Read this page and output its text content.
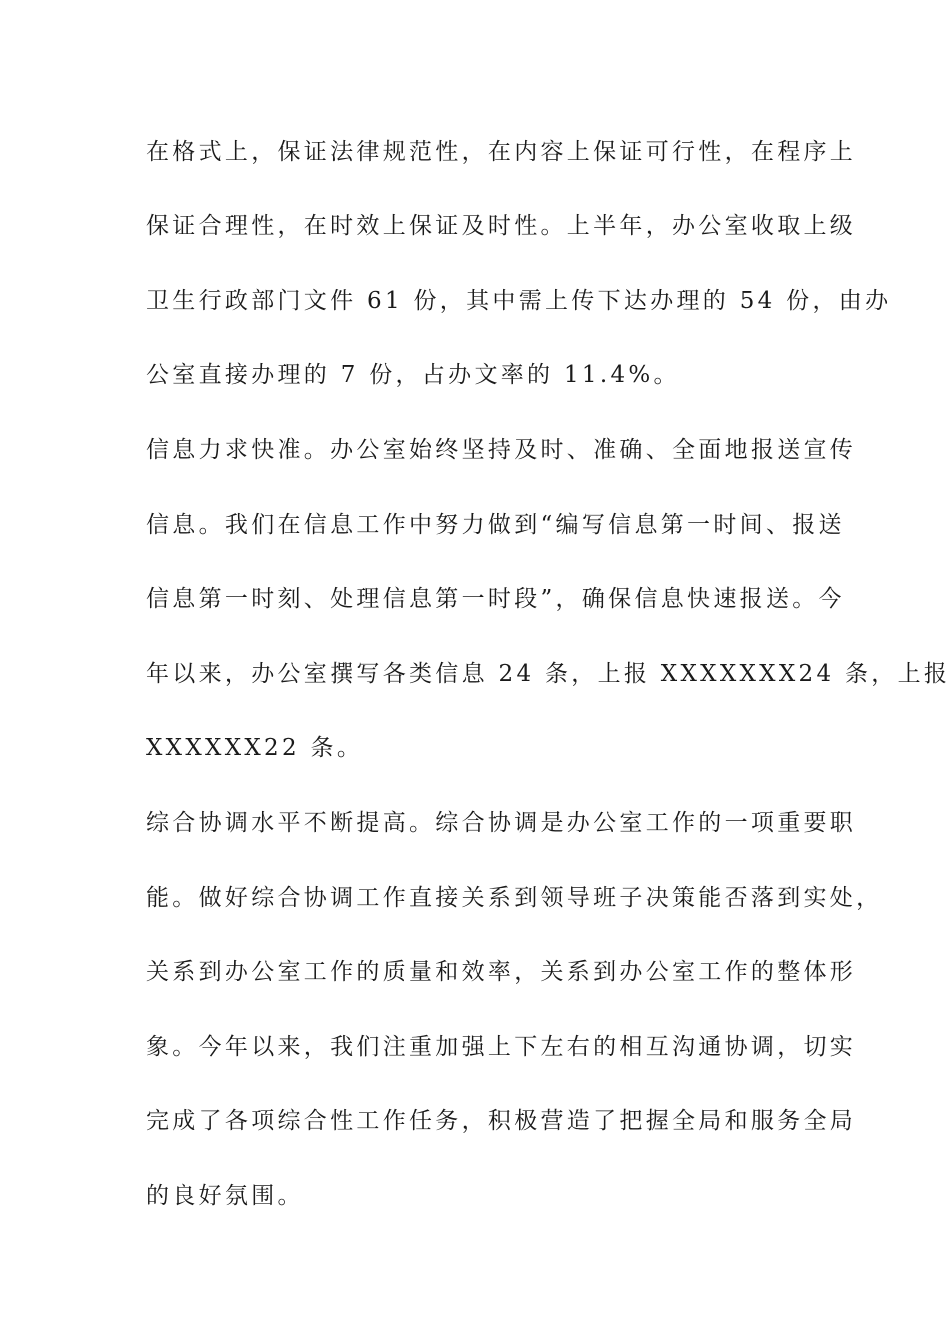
在格式上，保证法律规范性，在内容上保证可行性，在程序上
保证合理性，在时效上保证及时性。上半年，办公室收取上级
卫生行政部门文件 61 份，其中需上传下达办理的 54 份，由办
公室直接办理的 7 份，占办文率的 11.4%。
信息力求快准。办公室始终坚持及时、准确、全面地报送宣传
信息。我们在信息工作中努力做到“编写信息第一时间、报送
信息第一时刻、处理信息第一时段”，确保信息快速报送。今
年以来，办公室撰写各类信息 24 条，上报 XXXXXXX24 条，上报
XXXXXX22 条。
综合协调水平不断提高。综合协调是办公室工作的一项重要职
能。做好综合协调工作直接关系到领导班子决策能否落到实处，
关系到办公室工作的质量和效率，关系到办公室工作的整体形
象。今年以来，我们注重加强上下左右的相互沟通协调，切实
完成了各项综合性工作任务，积极营造了把握全局和服务全局
的良好氛围。
